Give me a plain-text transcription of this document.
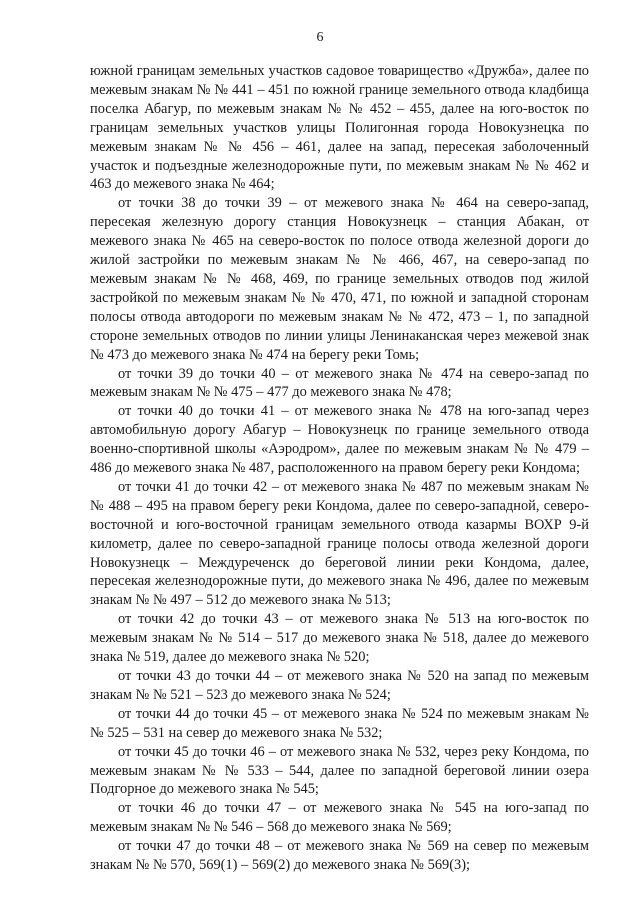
6

южной границам земельных участков садовое товарищество «Дружба», далее по межевым знакам № № 441 – 451 по южной границе земельного отвода кладбища поселка Абагур, по межевым знакам № № 452 – 455, далее на юго-восток по границам земельных участков улицы Полигонная города Новокузнецка по межевым знакам № № 456 – 461, далее на запад, пересекая заболоченный участок и подъездные железнодорожные пути, по межевым знакам № № 462 и 463 до межевого знака № 464;

от точки 38 до точки 39 – от межевого знака № 464 на северо-запад, пересекая железную дорогу станция Новокузнецк – станция Абакан, от межевого знака № 465 на северо-восток по полосе отвода железной дороги до жилой застройки по межевым знакам № № 466, 467, на северо-запад по межевым знакам № № 468, 469, по границе земельных отводов под жилой застройкой по межевым знакам № № 470, 471, по южной и западной сторонам полосы отвода автодороги по межевым знакам № № 472, 473 – 1, по западной стороне земельных отводов по линии улицы Ленинаканская через межевой знак № 473 до межевого знака № 474 на берегу реки Томь;

от точки 39 до точки 40 – от межевого знака № 474 на северо-запад по межевым знакам № № 475 – 477 до межевого знака № 478;

от точки 40 до точки 41 – от межевого знака № 478 на юго-запад через автомобильную дорогу Абагур – Новокузнецк по границе земельного отвода военно-спортивной школы «Аэродром», далее по межевым знакам № № 479 – 486 до межевого знака № 487, расположенного на правом берегу реки Кондома;

от точки 41 до точки 42 – от межевого знака № 487 по межевым знакам № № 488 – 495 на правом берегу реки Кондома, далее по северо-западной, северо-восточной и юго-восточной границам земельного отвода казармы ВОХР 9-й километр, далее по северо-западной границе полосы отвода железной дороги Новокузнецк – Междуреченск до береговой линии реки Кондома, далее, пересекая железнодорожные пути, до межевого знака № 496, далее по межевым знакам № № 497 – 512 до межевого знака № 513;

от точки 42 до точки 43 – от межевого знака № 513 на юго-восток по межевым знакам № № 514 – 517 до межевого знака № 518, далее до межевого знака № 519, далее до межевого знака № 520;

от точки 43 до точки 44 – от межевого знака № 520 на запад по межевым знакам № № 521 – 523 до межевого знака № 524;

от точки 44 до точки 45 – от межевого знака № 524 по межевым знакам № № 525 – 531 на север до межевого знака № 532;

от точки 45 до точки 46 – от межевого знака № 532, через реку Кондома, по межевым знакам № № 533 – 544, далее по западной береговой линии озера Подгорное до межевого знака № 545;

от точки 46 до точки 47 – от межевого знака № 545 на юго-запад по межевым знакам № № 546 – 568 до межевого знака № 569;

от точки 47 до точки 48 – от межевого знака № 569 на север по межевым знакам № № 570, 569(1) – 569(2) до межевого знака № 569(3);
